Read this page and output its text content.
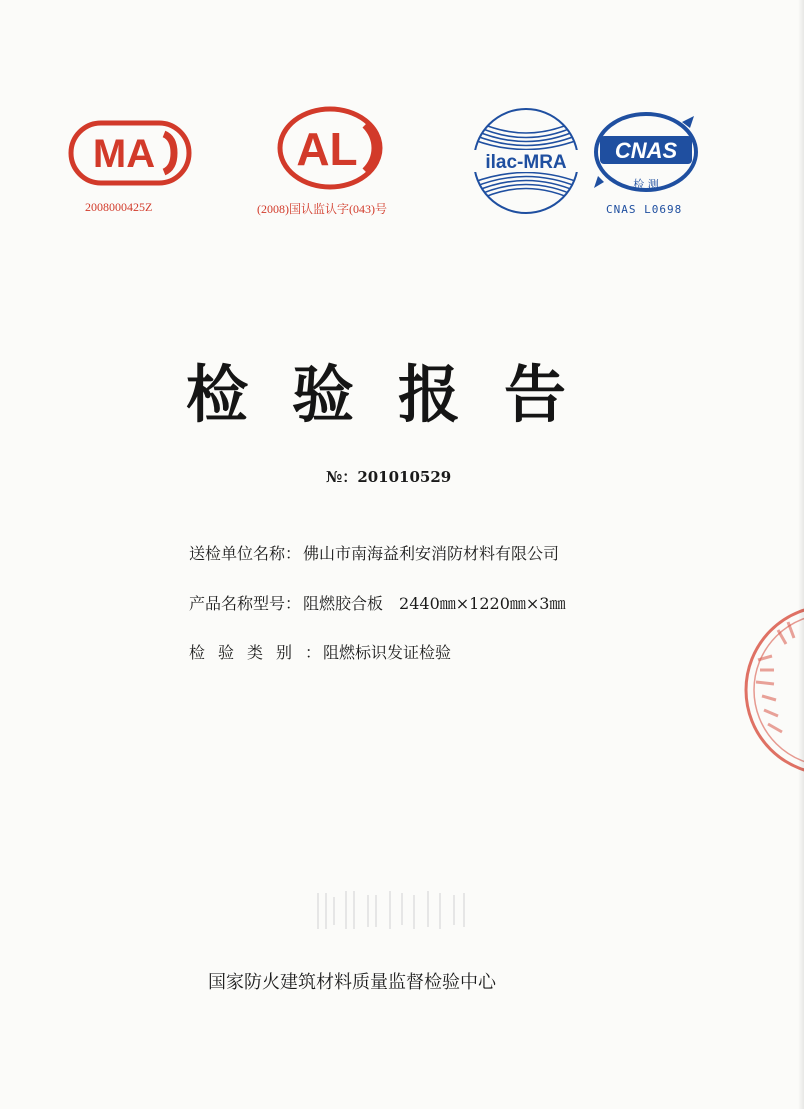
MA
2008000425Z
AL
(2008)国认监认字(043)号
ilac-MRA CNAS
检 测
CNAS L0698
检验报告
№：201010529
送检单位名称： 佛山市南海益利安消防材料有限公司
产品名称型号： 阻燃胶合板　2440㎜×1220㎜×3㎜
检验类别： 阻燃标识发证检验
国家防火建筑材料质量监督检验中心
